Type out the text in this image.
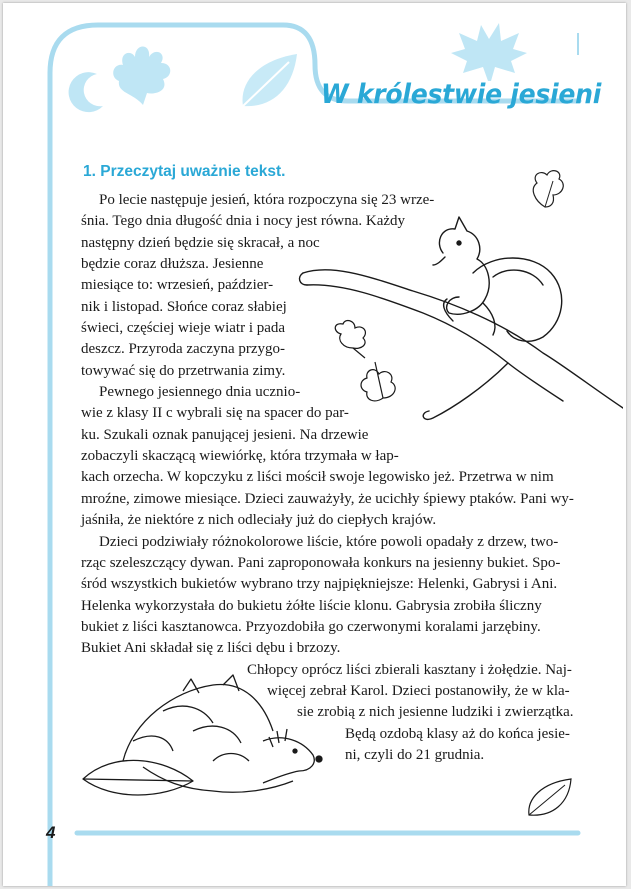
W królestwie jesieni
1. Przeczytaj uważnie tekst.
Po lecie następuje jesień, która rozpoczyna się 23 wrze-
śnia. Tego dnia długość dnia i nocy jest równa. Każdy
następny dzień będzie się skracał, a noc
będzie coraz dłuższa. Jesienne
miesiące to: wrzesień, paździer-
nik i listopad. Słońce coraz słabiej
świeci, częściej wieje wiatr i pada
deszcz. Przyroda zaczyna przygo-
towywać się do przetrwania zimy.
Pewnego jesiennego dnia ucznio-
wie z klasy II c wybrali się na spacer do par-
ku. Szukali oznak panującej jesieni. Na drzewie
zobaczyli skaczącą wiewiórkę, która trzymała w łap-
kach orzecha. W kopczyku z liści mościł swoje legowisko jeż. Przetrwa w nim
mroźne, zimowe miesiące. Dzieci zauważyły, że ucichły śpiewy ptaków. Pani wy-
jaśniła, że niektóre z nich odleciały już do ciepłych krajów.
Dzieci podziwiały różnokolorowe liście, które powoli opadały z drzew, two-
rząc szeleszczący dywan. Pani zaproponowała konkurs na jesienny bukiet. Spo-
śród wszystkich bukietów wybrano trzy najpiękniejsze: Helenki, Gabrysi i Ani.
Helenka wykorzystała do bukietu żółte liście klonu. Gabrysia zrobiła śliczny
bukiet z liści kasztanowca. Przyozdobiła go czerwonymi koralami jarzębiny.
Bukiet Ani składał się z liści dębu i brzozy.
Chłopcy oprócz liści zbierali kasztany i żołędzie. Naj-
więcej zebrał Karol. Dzieci postanowiły, że w kla-
sie zrobią z nich jesienne ludziki i zwierzątka.
Będą ozdobą klasy aż do końca jesie-
ni, czyli do 21 grudnia.
4
